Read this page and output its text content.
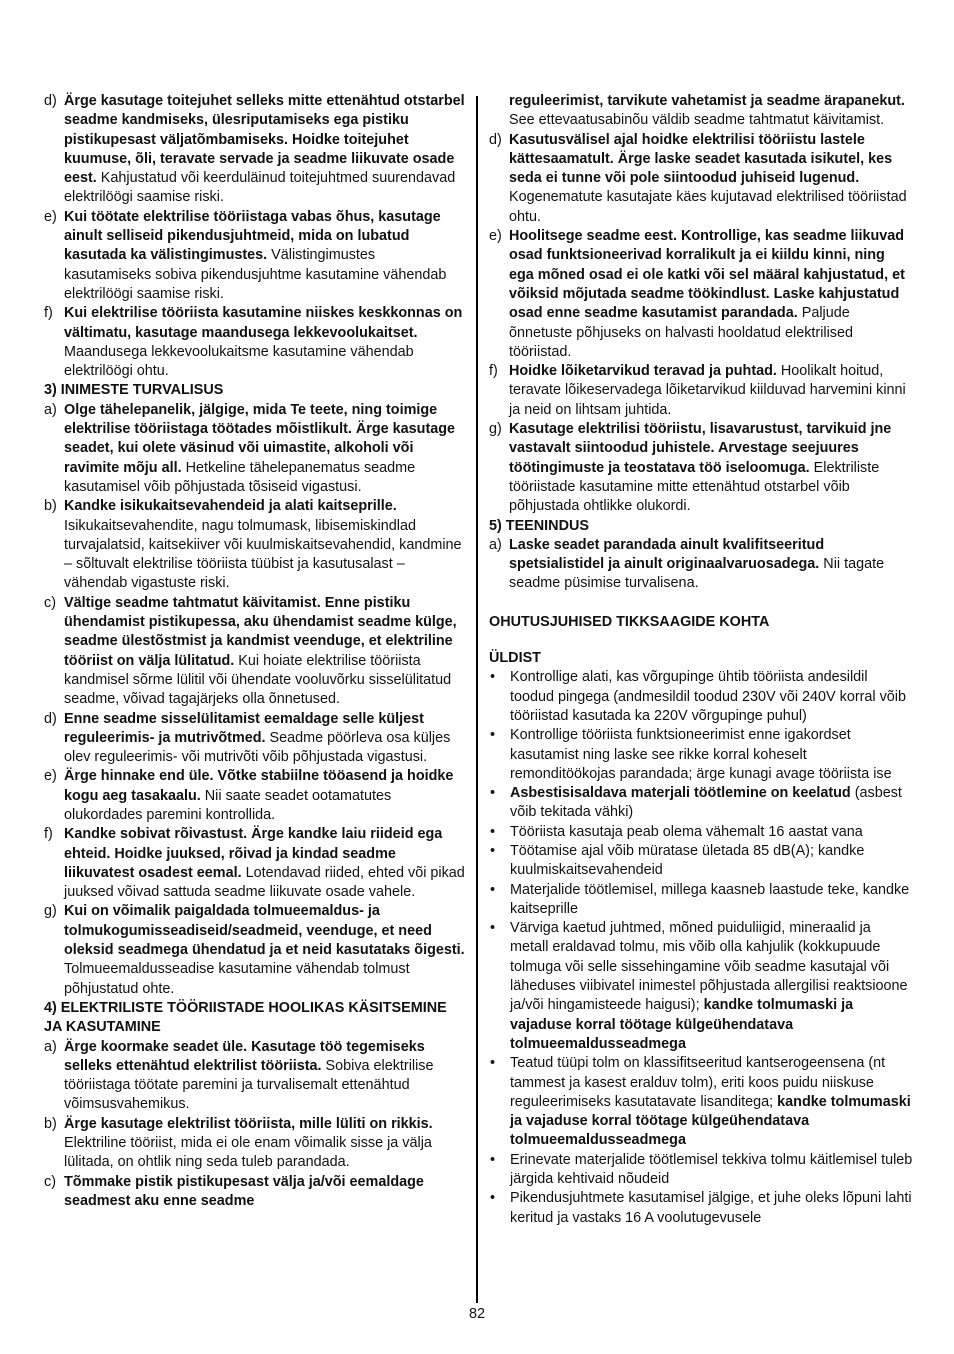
d) Ärge kasutage toitejuhet selleks mitte ettenähtud otstarbel seadme kandmiseks, ülesriputamiseks ega pistiku pistikupesast väljatõmbamiseks. Hoidke toitejuhet kuumuse, õli, teravate servade ja seadme liikuvate osade eest. Kahjustatud või keerduläinud toitejuhtmed suurendavad elektrilöögi saamise riski.
e) Kui töötate elektrilise tööriistaga vabas õhus, kasutage ainult selliseid pikendusjuhtmeid, mida on lubatud kasutada ka välistingimustes. Välistingimustes kasutamiseks sobiva pikendusjuhtme kasutamine vähendab elektrilöögi saamise riski.
f) Kui elektrilise tööriista kasutamine niiskes keskkonnas on vältimatu, kasutage maandusega lekkevoolukaitset. Maandusega lekkevoolukaitsme kasutamine vähendab elektrilöögi ohtu.
3) INIMESTE TURVALISUS
a) Olge tähelepanelik, jälgige, mida Te teete, ning toimige elektrilise tööriistaga töötades mõistlikult. Ärge kasutage seadet, kui olete väsinud või uimastite, alkoholi või ravimite mõju all. Hetkeline tähelepanematus seadme kasutamisel võib põhjustada tõsiseid vigastusi.
b) Kandke isikukaitsevahendeid ja alati kaitseprille. Isikukaitsevahendite, nagu tolmumask, libisemiskindlad turvajalatsid, kaitsekiiver või kuulmiskaitsevahendid, kandmine – sõltuvalt elektrilise tööriista tüübist ja kasutusalast – vähendab vigastuste riski.
c) Vältige seadme tahtmatut käivitamist. Enne pistiku ühendamist pistikupessa, aku ühendamist seadme külge, seadme ülestõstmist ja kandmist veenduge, et elektriline tööriist on välja lülitatud. Kui hoiate elektrilise tööriista kandmisel sõrme lülitil või ühendate vooluvõrku sisselülitatud seadme, võivad tagajärjeks olla õnnetused.
d) Enne seadme sisselülitamist eemaldage selle küljest reguleerimis- ja mutrivõtmed. Seadme pöörleva osa küljes olev reguleerimis- või mutrivõti võib põhjustada vigastusi.
e) Ärge hinnake end üle. Võtke stabiilne tööasend ja hoidke kogu aeg tasakaalu. Nii saate seadet ootamatutes olukordades paremini kontrollida.
f) Kandke sobivat rõivastust. Ärge kandke laiu riideid ega ehteid. Hoidke juuksed, rõivad ja kindad seadme liikuvatest osadest eemal. Lotendavad riided, ehted või pikad juuksed võivad sattuda seadme liikuvate osade vahele.
g) Kui on võimalik paigaldada tolmueemaldus- ja tolmukogumisseadiseid/seadmeid, veenduge, et need oleksid seadmega ühendatud ja et neid kasutataks õigesti. Tolmueemaldusseadise kasutamine vähendab tolmust põhjustatud ohte.
4) ELEKTRILISTE TÖÖRIISTADE HOOLIKAS KÄSITSEMINE JA KASUTAMINE
a) Ärge koormake seadet üle. Kasutage töö tegemiseks selleks ettenähtud elektrilist tööriista. Sobiva elektrilise tööriistaga töötate paremini ja turvalisemalt ettenähtud võimsusvahemikus.
b) Ärge kasutage elektrilist tööriista, mille lüliti on rikkis. Elektriline tööriist, mida ei ole enam võimalik sisse ja välja lülitada, on ohtlik ning seda tuleb parandada.
c) Tõmmake pistik pistikupesast välja ja/või eemaldage seadmest aku enne seadme
reguleerimist, tarvikute vahetamist ja seadme ärapanekut. See ettevaatusabinõu väldib seadme tahtmatut käivitamist.
d) Kasutusvälisel ajal hoidke elektrilisi tööriistu lastele kättesaamatult. Ärge laske seadet kasutada isikutel, kes seda ei tunne või pole siintoodud juhiseid lugenud. Kogenematute kasutajate käes kujutavad elektrilised tööriistad ohtu.
e) Hoolitsege seadme eest. Kontrollige, kas seadme liikuvad osad funktsioneerivad korralikult ja ei kiildu kinni, ning ega mõned osad ei ole katki või sel määral kahjustatud, et võiksid mõjutada seadme töökindlust. Laske kahjustatud osad enne seadme kasutamist parandada. Paljude õnnetuste põhjuseks on halvasti hooldatud elektrilised tööriistad.
f) Hoidke lõiketarvikud teravad ja puhtad. Hoolikalt hoitud, teravate lõikeservadega lõiketarvikud kiilduvad harvemini kinni ja neid on lihtsam juhtida.
g) Kasutage elektrilisi tööriistu, lisavarustust, tarvikuid jne vastavalt siintoodud juhistele. Arvestage seejuures töötingimuste ja teostatava töö iseloomuga. Elektriliste tööriistade kasutamine mitte ettenähtud otstarbel võib põhjustada ohtlikke olukordi.
5) TEENINDUS
a) Laske seadet parandada ainult kvalifitseeritud spetsialistidel ja ainult originaalvaruosadega. Nii tagate seadme püsimise turvalisena.
OHUTUSJUHISED TIKKSAAGIDE KOHTA
ÜLDIST
•	Kontrollige alati, kas võrgupinge ühtib tööriista andesildil toodud pingega (andmesildil toodud 230V või 240V korral võib tööriistad kasutada ka 220V võrgupinge puhul)
•	Kontrollige tööriista funktsioneerimist enne igakordset kasutamist ning laske see rikke korral koheselt remonditöökojas parandada; ärge kunagi avage tööriista ise
•	Asbestisisaldava materjali töötlemine on keelatud (asbest võib tekitada vähki)
•	Tööriista kasutaja peab olema vähemalt 16 aastat vana
•	Töötamise ajal võib müratase ületada 85 dB(A); kandke kuulmiskaitsevahendeid
•	Materjalide töötlemisel, millega kaasneb laastude teke, kandke kaitseprille
•	Värviga kaetud juhtmed, mõned puiduliigid, mineraalid ja metall eraldavad tolmu, mis võib olla kahjulik (kokkupuude tolmuga või selle sissehingamine võib seadme kasutajal või läheduses viibivatel inimestel põhjustada allergilisi reaktsioone ja/või hingamisteede haigusi); kandke tolmumaski ja vajaduse korral töötage külgeühendatava tolmueemaldusseadmega
•	Teatud tüüpi tolm on klassifitseeritud kantserogeensena (nt tammest ja kasest eralduv tolm), eriti koos puidu niiskuse reguleerimiseks kasutatavate lisanditega; kandke tolmumaski ja vajaduse korral töötage külgeühendatava tolmueemaldusseadmega
•	Erinevate materjalide töötlemisel tekkiva tolmu käitlemisel tuleb järgida kehtivaid nõudeid
•	Pikendusjuhtmete kasutamisel jälgige, et juhe oleks lõpuni lahti keritud ja vastaks 16 A voolutugevusele
82
